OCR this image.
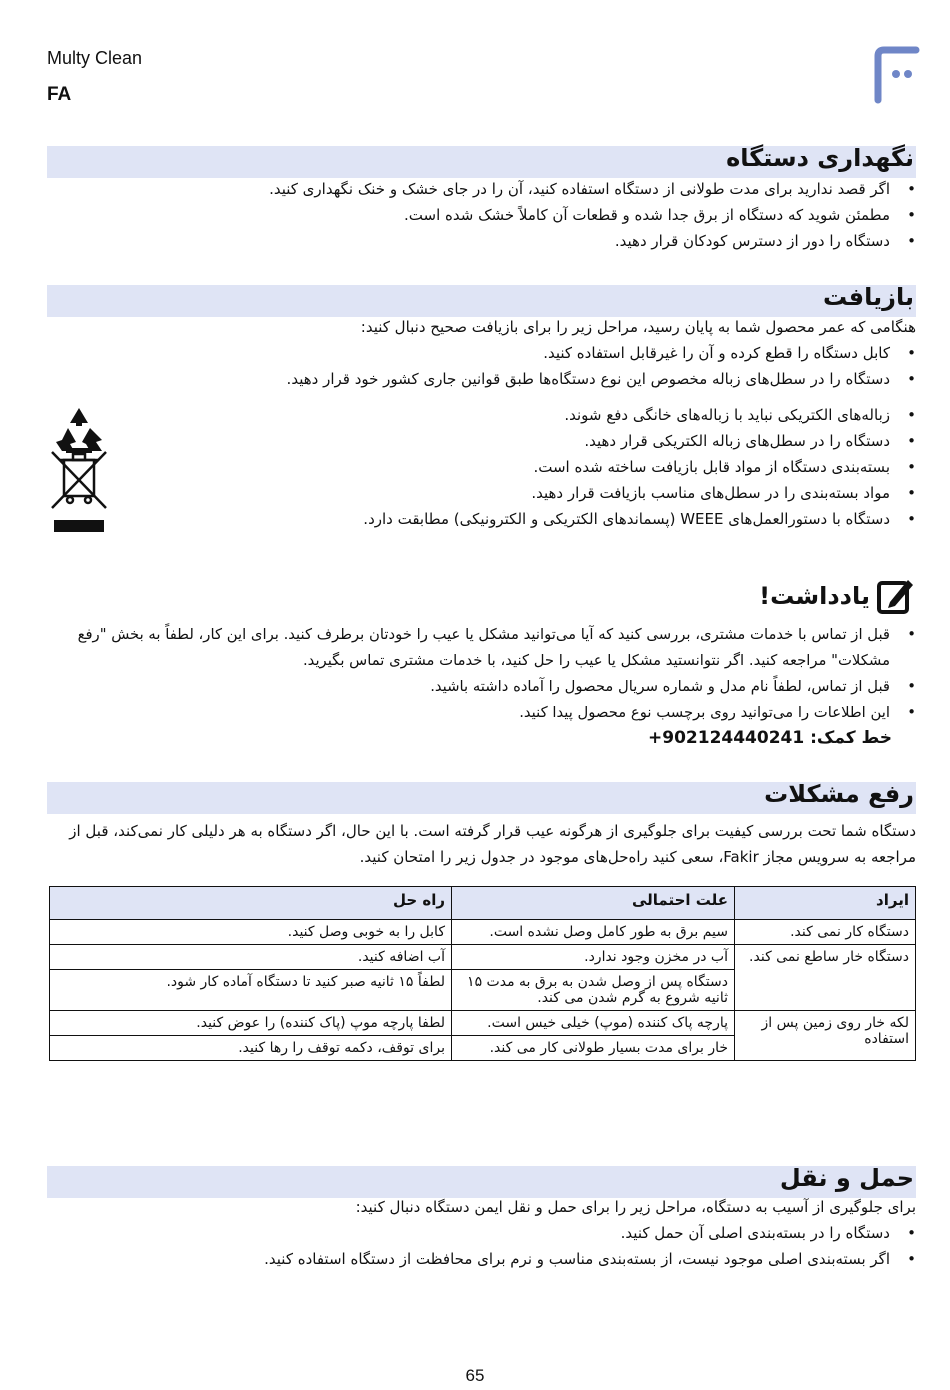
Multy Clean
FA
نگهداری دستگاه
• اگر قصد ندارید برای مدت طولانی از دستگاه استفاده کنید، آن را در جای خشک و خنک نگهداری کنید.
• مطمئن شوید که دستگاه از برق جدا شده و قطعات آن کاملاً خشک شده است.
• دستگاه را دور از دسترس کودکان قرار دهید.
بازیافت
هنگامی که عمر محصول شما به پایان رسید، مراحل زیر را برای بازیافت صحیح دنبال کنید:
• کابل دستگاه را قطع کرده و آن را غیرقابل استفاده کنید.
• دستگاه را در سطل‌های زباله مخصوص این نوع دستگاه‌ها طبق قوانین جاری کشور خود قرار دهید.
• زباله‌های الکتریکی نباید با زباله‌های خانگی دفع شوند.
• دستگاه را در سطل‌های زباله الکتریکی قرار دهید.
• بسته‌بندی دستگاه از مواد قابل بازیافت ساخته شده است.
• مواد بسته‌بندی را در سطل‌های مناسب بازیافت قرار دهید.
• دستگاه با دستورالعمل‌های WEEE (پسماندهای الکتریکی و الکترونیکی) مطابقت دارد.
یادداشت!
• قبل از تماس با خدمات مشتری، بررسی کنید که آیا می‌توانید مشکل یا عیب را خودتان برطرف کنید. برای این کار، لطفاً به بخش "رفع مشکلات" مراجعه کنید. اگر نتوانستید مشکل یا عیب را حل کنید، با خدمات مشتری تماس بگیرید.
• قبل از تماس، لطفاً نام مدل و شماره سریال محصول را آماده داشته باشید.
• این اطلاعات را می‌توانید روی برچسب نوع محصول پیدا کنید.
خط کمک: +902124440241
رفع مشکلات
دستگاه شما تحت بررسی کیفیت برای جلوگیری از هرگونه عیب قرار گرفته است. با این حال، اگر دستگاه به هر دلیلی کار نمی‌کند، قبل از مراجعه به سرویس مجاز Fakir، سعی کنید راه‌حل‌های موجود در جدول زیر را امتحان کنید.
ایراد	علت احتمالی	راه حل
دستگاه کار نمی کند.	سیم برق به طور کامل وصل نشده است.	کابل را به خوبی وصل کنید.
دستگاه خار ساطع نمی کند.	آب در مخزن وجود ندارد.	آب اضافه کنید.
	دستگاه پس از وصل شدن به برق به مدت ۱۵ ثانیه شروع به گرم شدن می کند.	لطفاً ۱۵ ثانیه صبر کنید تا دستگاه آماده کار شود.
لکه خار روی زمین پس از استفاده	پارچه پاک کننده (موپ) خیلی خیس است.	لطفا پارچه موپ (پاک کننده) را عوض کنید.
	خار برای مدت بسیار طولانی کار می کند.	برای توقف، دکمه توقف را رها کنید.
حمل و نقل
برای جلوگیری از آسیب به دستگاه، مراحل زیر را برای حمل و نقل ایمن دستگاه دنبال کنید:
• دستگاه را در بسته‌بندی اصلی آن حمل کنید.
• اگر بسته‌بندی اصلی موجود نیست، از بسته‌بندی مناسب و نرم برای محافظت از دستگاه استفاده کنید.
65
